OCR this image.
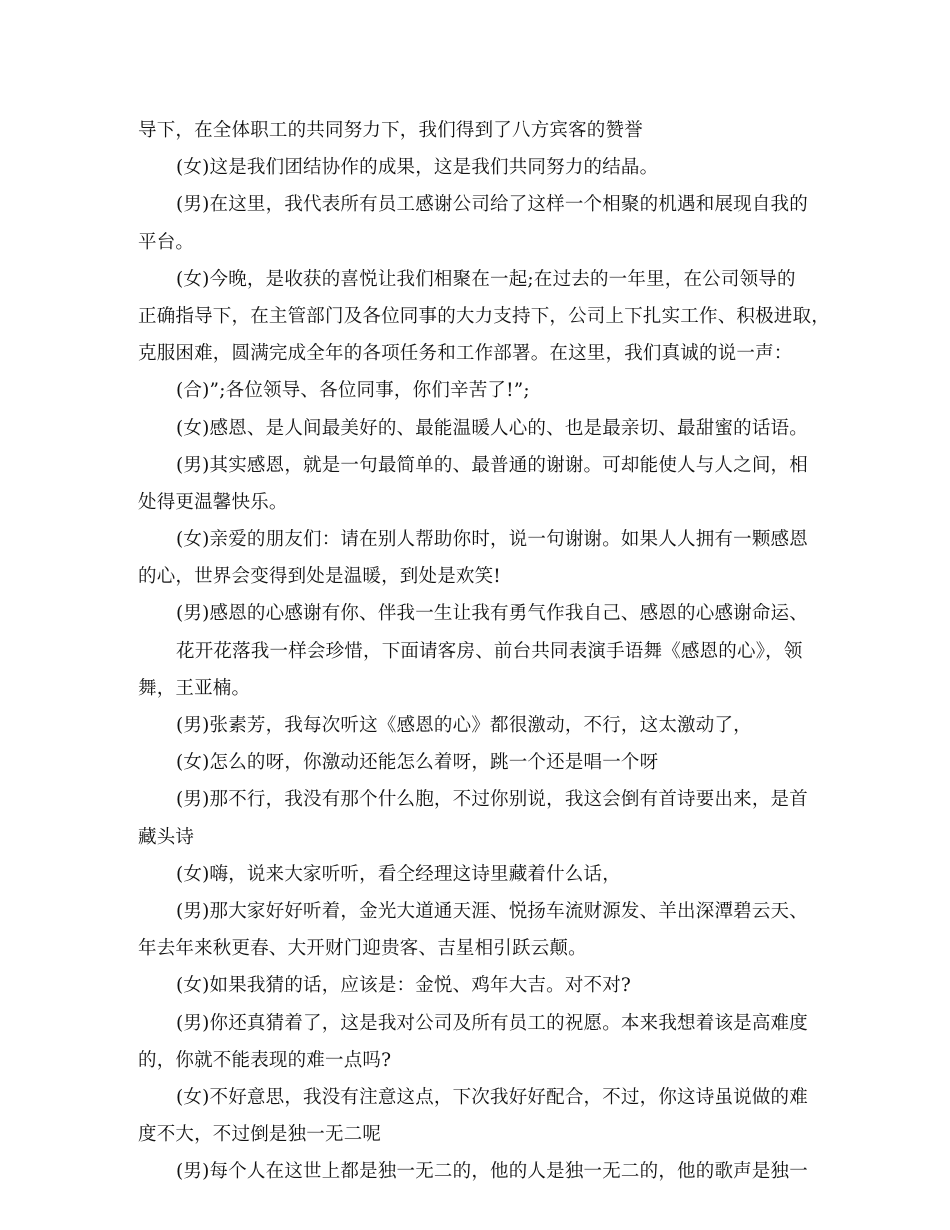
导下，在全体职工的共同努力下，我们得到了八方宾客的赞誉
(女)这是我们团结协作的成果，这是我们共同努力的结晶。
(男)在这里，我代表所有员工感谢公司给了这样一个相聚的机遇和展现自我的
平台。
(女)今晚，是收获的喜悦让我们相聚在一起;在过去的一年里，在公司领导的
正确指导下，在主管部门及各位同事的大力支持下，公司上下扎实工作、积极进取，
克服困难，圆满完成全年的各项任务和工作部署。在这里，我们真诚的说一声：
(合)”;各位领导、各位同事，你们辛苦了!”;
(女)感恩、是人间最美好的、最能温暖人心的、也是最亲切、最甜蜜的话语。
(男)其实感恩，就是一句最简单的、最普通的谢谢。可却能使人与人之间，相
处得更温馨快乐。
(女)亲爱的朋友们：请在别人帮助你时，说一句谢谢。如果人人拥有一颗感恩
的心，世界会变得到处是温暖，到处是欢笑!
(男)感恩的心感谢有你、伴我一生让我有勇气作我自己、感恩的心感谢命运、
花开花落我一样会珍惜，下面请客房、前台共同表演手语舞《感恩的心》，领
舞，王亚楠。
(男)张素芳，我每次听这《感恩的心》都很激动，不行，这太激动了，
(女)怎么的呀，你激动还能怎么着呀，跳一个还是唱一个呀
(男)那不行，我没有那个什么胞，不过你别说，我这会倒有首诗要出来，是首
藏头诗
(女)嗨，说来大家听听，看仝经理这诗里藏着什么话，
(男)那大家好好听着，金光大道通天涯、悦扬车流财源发、羊出深潭碧云天、
年去年来秋更春、大开财门迎贵客、吉星相引跃云颠。
(女)如果我猜的话，应该是：金悦、鸡年大吉。对不对?
(男)你还真猜着了，这是我对公司及所有员工的祝愿。本来我想着该是高难度
的，你就不能表现的难一点吗?
(女)不好意思，我没有注意这点，下次我好好配合，不过，你这诗虽说做的难
度不大，不过倒是独一无二呢
(男)每个人在这世上都是独一无二的，他的人是独一无二的，他的歌声是独一
